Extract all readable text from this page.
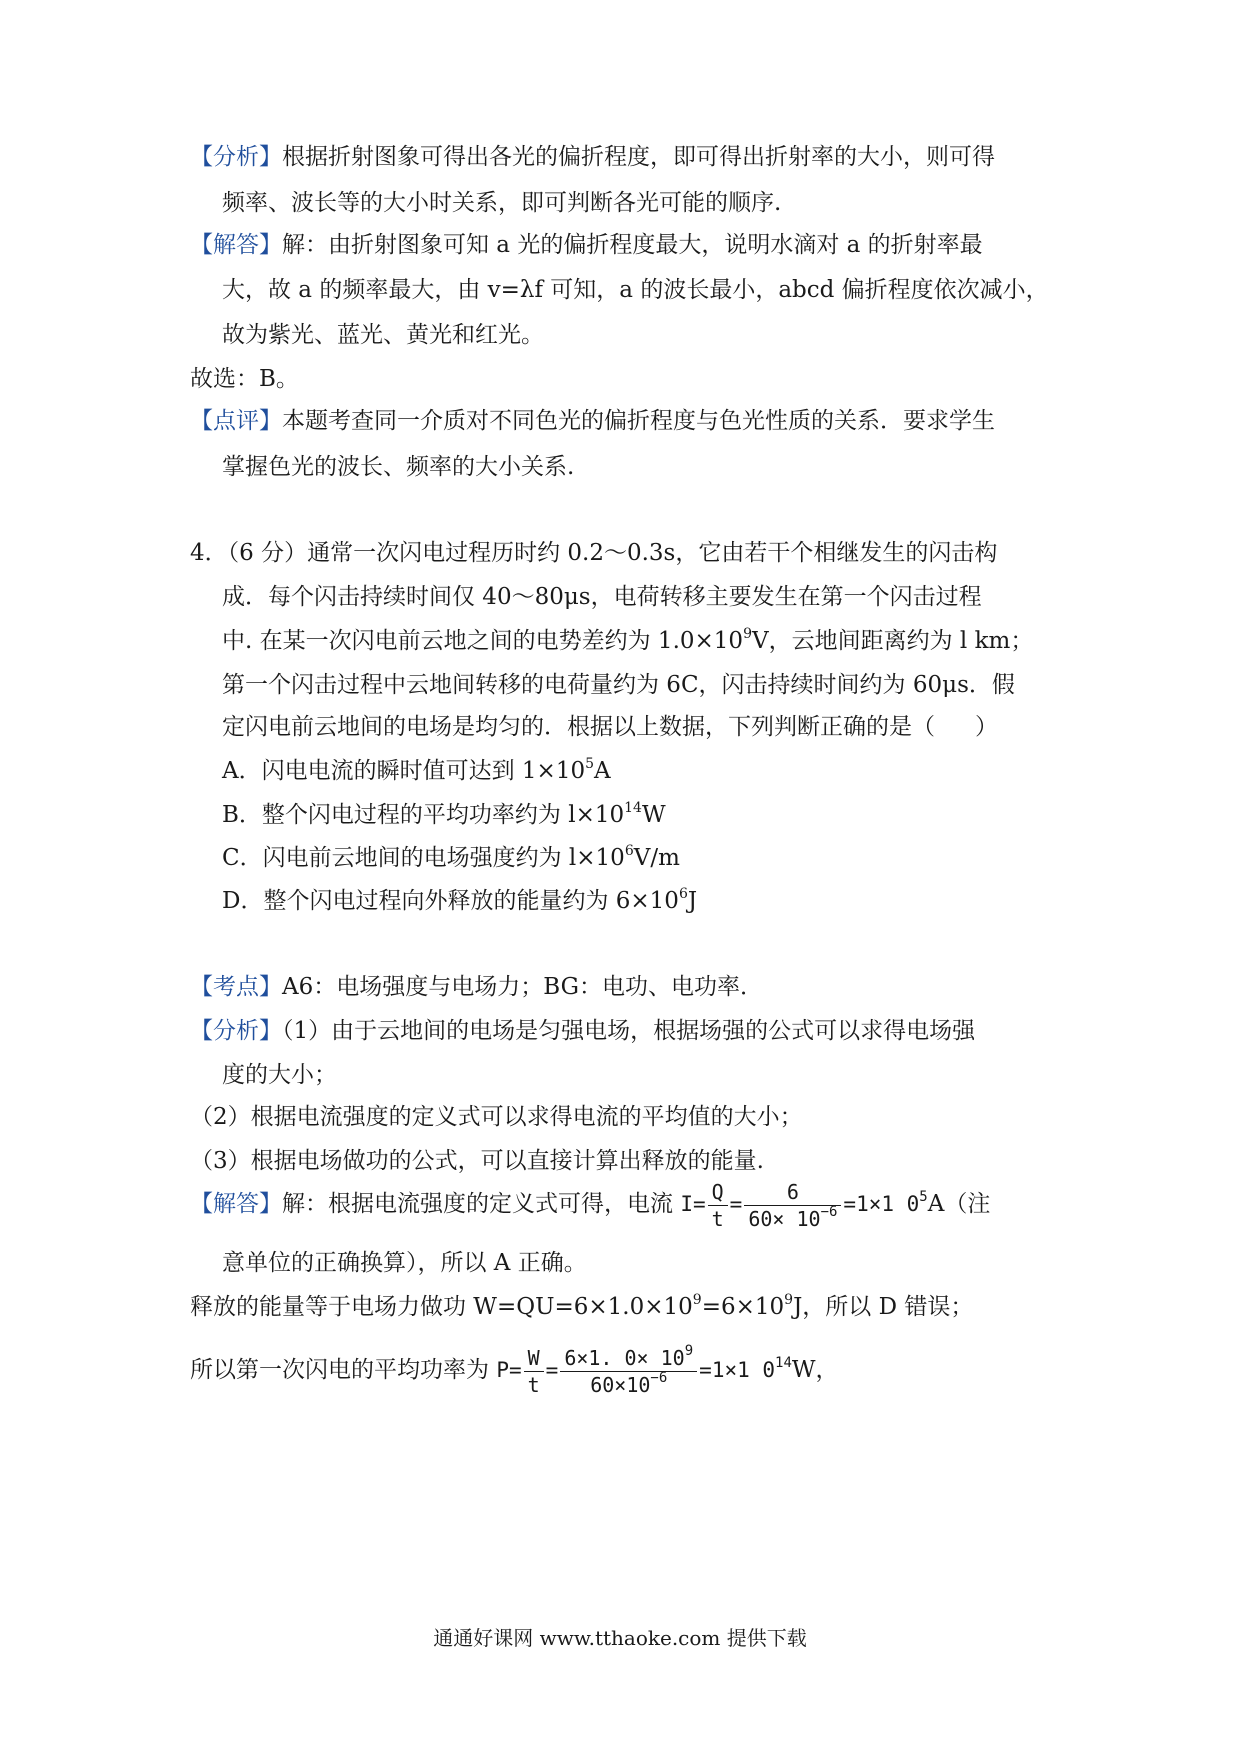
【分析】根据折射图象可得出各光的偏折程度，即可得出折射率的大小，则可得
频率、波长等的大小时关系，即可判断各光可能的顺序.
【解答】解：由折射图象可知 a 光的偏折程度最大，说明水滴对 a 的折射率最
大，故 a 的频率最大，由 v=λf 可知，a 的波长最小，abcd 偏折程度依次减小，
故为紫光、蓝光、黄光和红光。
故选：B。
【点评】本题考查同一介质对不同色光的偏折程度与色光性质的关系．要求学生
掌握色光的波长、频率的大小关系.
4．（6 分）通常一次闪电过程历时约 0.2～0.3s，它由若干个相继发生的闪击构
成．每个闪击持续时间仅 40～80μs，电荷转移主要发生在第一个闪击过程
中. 在某一次闪电前云地之间的电势差约为 $1.0\times 10^9V$，云地间距离约为 l km；
第一个闪击过程中云地间转移的电荷量约为 6C，闪击持续时间约为 60μs．假
定闪电前云地间的电场是均匀的．根据以上数据，下列判断正确的是（ ）
A．闪电电流的瞬时值可达到 $1\times 10^5A$
B．整个闪电过程的平均功率约为 $l\times 10^{14}W$
C．闪电前云地间的电场强度约为 $l\times 10^6V/m$
D．整个闪电过程向外释放的能量约为 $6\times 10^6J$
【考点】A6：电场强度与电场力；BG：电功、电功率．
【分析】（1）由于云地间的电场是匀强电场，根据场强的公式可以求得电场强
度的大小；
（2）根据电流强度的定义式可以求得电流的平均值的大小；
（3）根据电场做功的公式，可以直接计算出释放的能量.
【解答】解：根据电流强度的定义式可得，电流 $I= \frac{Q}{t} = \frac{6}{60\times 10^{-6}} =1\times 1$ $0^5A$（注
意单位的正确换算），所以 A 正确。
释放的能量等于电场力做功 $W=QU=6\times 1.0\times 10^9=6\times 10^9J$，所以 D 错误；
所以第一次闪电的平均功率为 $P= \frac{W}{t} = \frac{6\times 1. 0\times 10^9}{60\times 10^{-6}} =1\times 1$ $0^{14}W$，
通通好课网 www.tthaoke.com 提供下载
